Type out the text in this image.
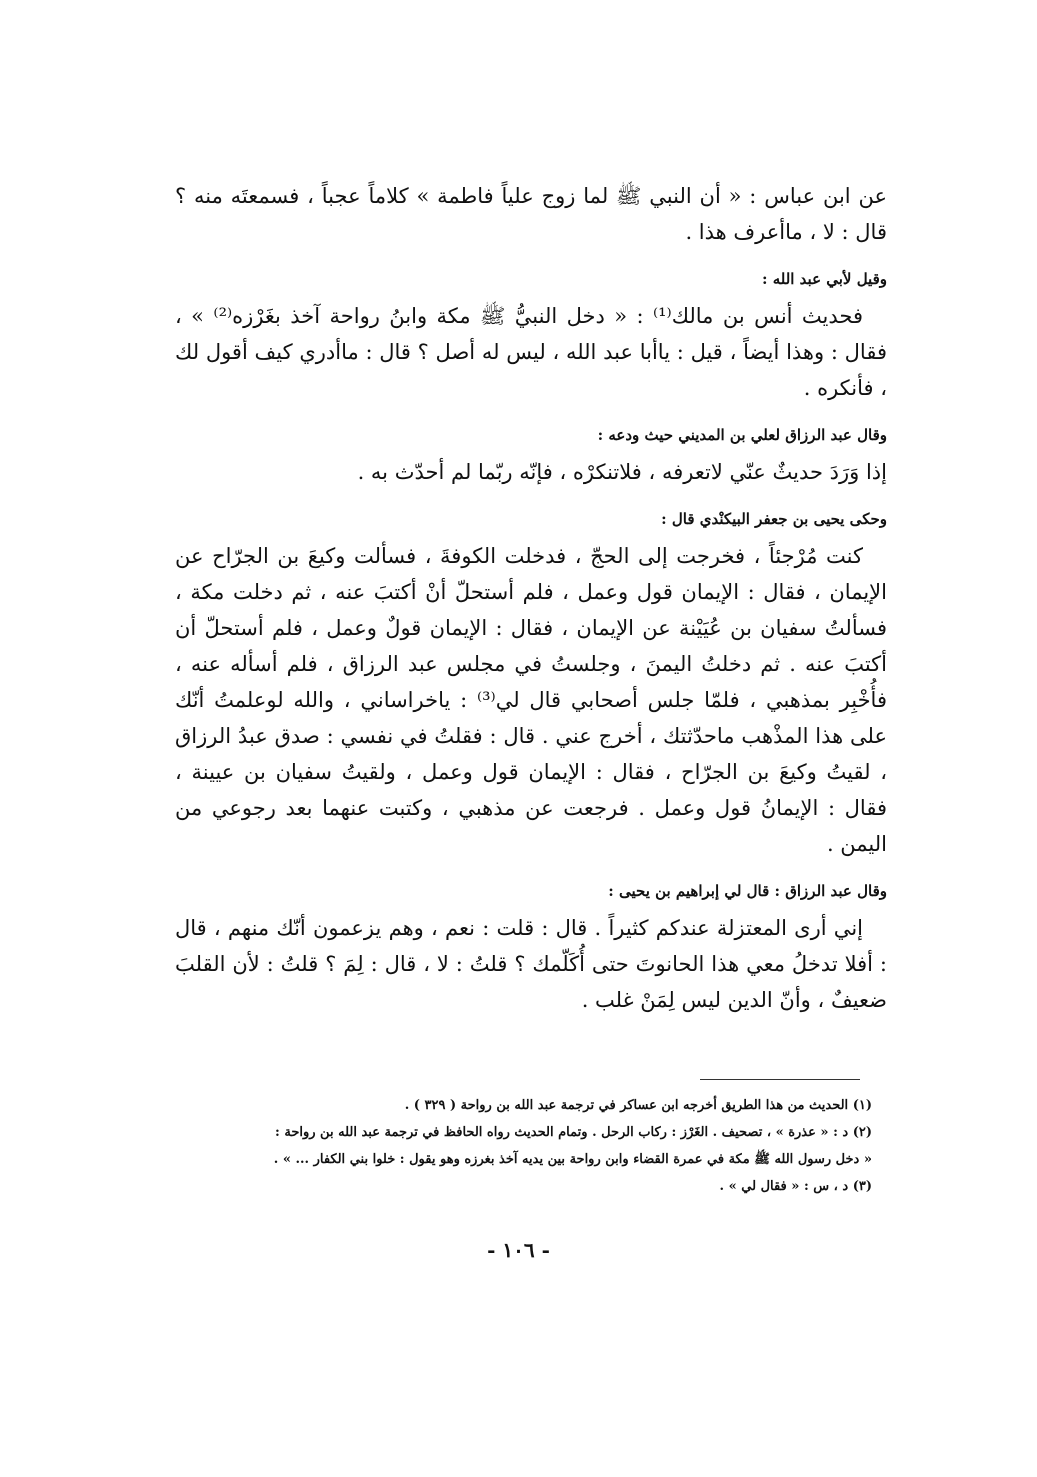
عن ابن عباس : « أن النبي ﷺ لما زوج علياً فاطمة » كلاماً عجباً ، فسمعتَه منه ؟ قال : لا ، ماأعرف هذا .

وقيل لأبي عبد الله :

فحديث أنس بن مالك⁽¹⁾ : « دخل النبيُّ ﷺ مكة وابنُ رواحة آخذ بغَرْزه⁽²⁾ » ، فقال : وهذا أيضاً ، قيل : ياأبا عبد الله ، ليس له أصل ؟ قال : ماأدري كيف أقول لك ، فأنكره .

وقال عبد الرزاق لعلي بن المديني حيث ودعه :

إذا وَرَدَ حديثٌ عنّي لاتعرفه ، فلاتنكرْه ، فإنّه ربّما لم أحدّث به .

وحكى يحيى بن جعفر البيكنْدي قال :

كنت مُرْجئاً ، فخرجت إلى الحجّ ، فدخلت الكوفةَ ، فسألت وكيعَ بن الجرّاح عن الإيمان ، فقال : الإيمان قول وعمل ، فلم أستحلّ أنْ أكتبَ عنه ، ثم دخلت مكة ، فسألتُ سفيان بن عُيَيْنة عن الإيمان ، فقال : الإيمان قولٌ وعمل ، فلم أستحلّ أن أكتبَ عنه . ثم دخلتُ اليمنَ ، وجلستُ في مجلس عبد الرزاق ، فلم أسأله عنه ، فأُخْبِر بمذهبي ، فلمّا جلس أصحابي قال لي⁽³⁾ : ياخراساني ، والله لوعلمتُ أنّك على هذا المذْهب ماحدّثتك ، أخرج عني . قال : فقلتُ في نفسي : صدق عبدُ الرزاق ، لقيتُ وكيعَ بن الجرّاح ، فقال : الإيمان قول وعمل ، ولقيتُ سفيان بن عيينة ، فقال : الإيمانُ قول وعمل . فرجعت عن مذهبي ، وكتبت عنهما بعد رجوعي من اليمن .

وقال عبد الرزاق : قال لي إبراهيم بن يحيى :

إني أرى المعتزلة عندكم كثيراً . قال : قلت : نعم ، وهم يزعمون أنّك منهم ، قال : أفلا تدخلُ معي هذا الحانوتَ حتى أُكَلّمك ؟ قلتُ : لا ، قال : لِمَ ؟ قلتُ : لأن القلبَ ضعيفٌ ، وأنّ الدين ليس لِمَنْ غلب .

(١) الحديث من هذا الطريق أخرجه ابن عساكر في ترجمة عبد الله بن رواحة ( ٣٢٩ ) .

(٢) د : « عذرة » ، تصحيف . الغَرْز : ركاب الرحل . وتمام الحديث رواه الحافظ في ترجمة عبد الله بن رواحة :

« دخل رسول الله ﷺ مكة في عمرة القضاء وابن رواحة بين يديه آخذ بغرزه وهو يقول : خلوا بني الكفار ... » .

(٣) د ، س : « فقال لي » .

- ١٠٦ -
